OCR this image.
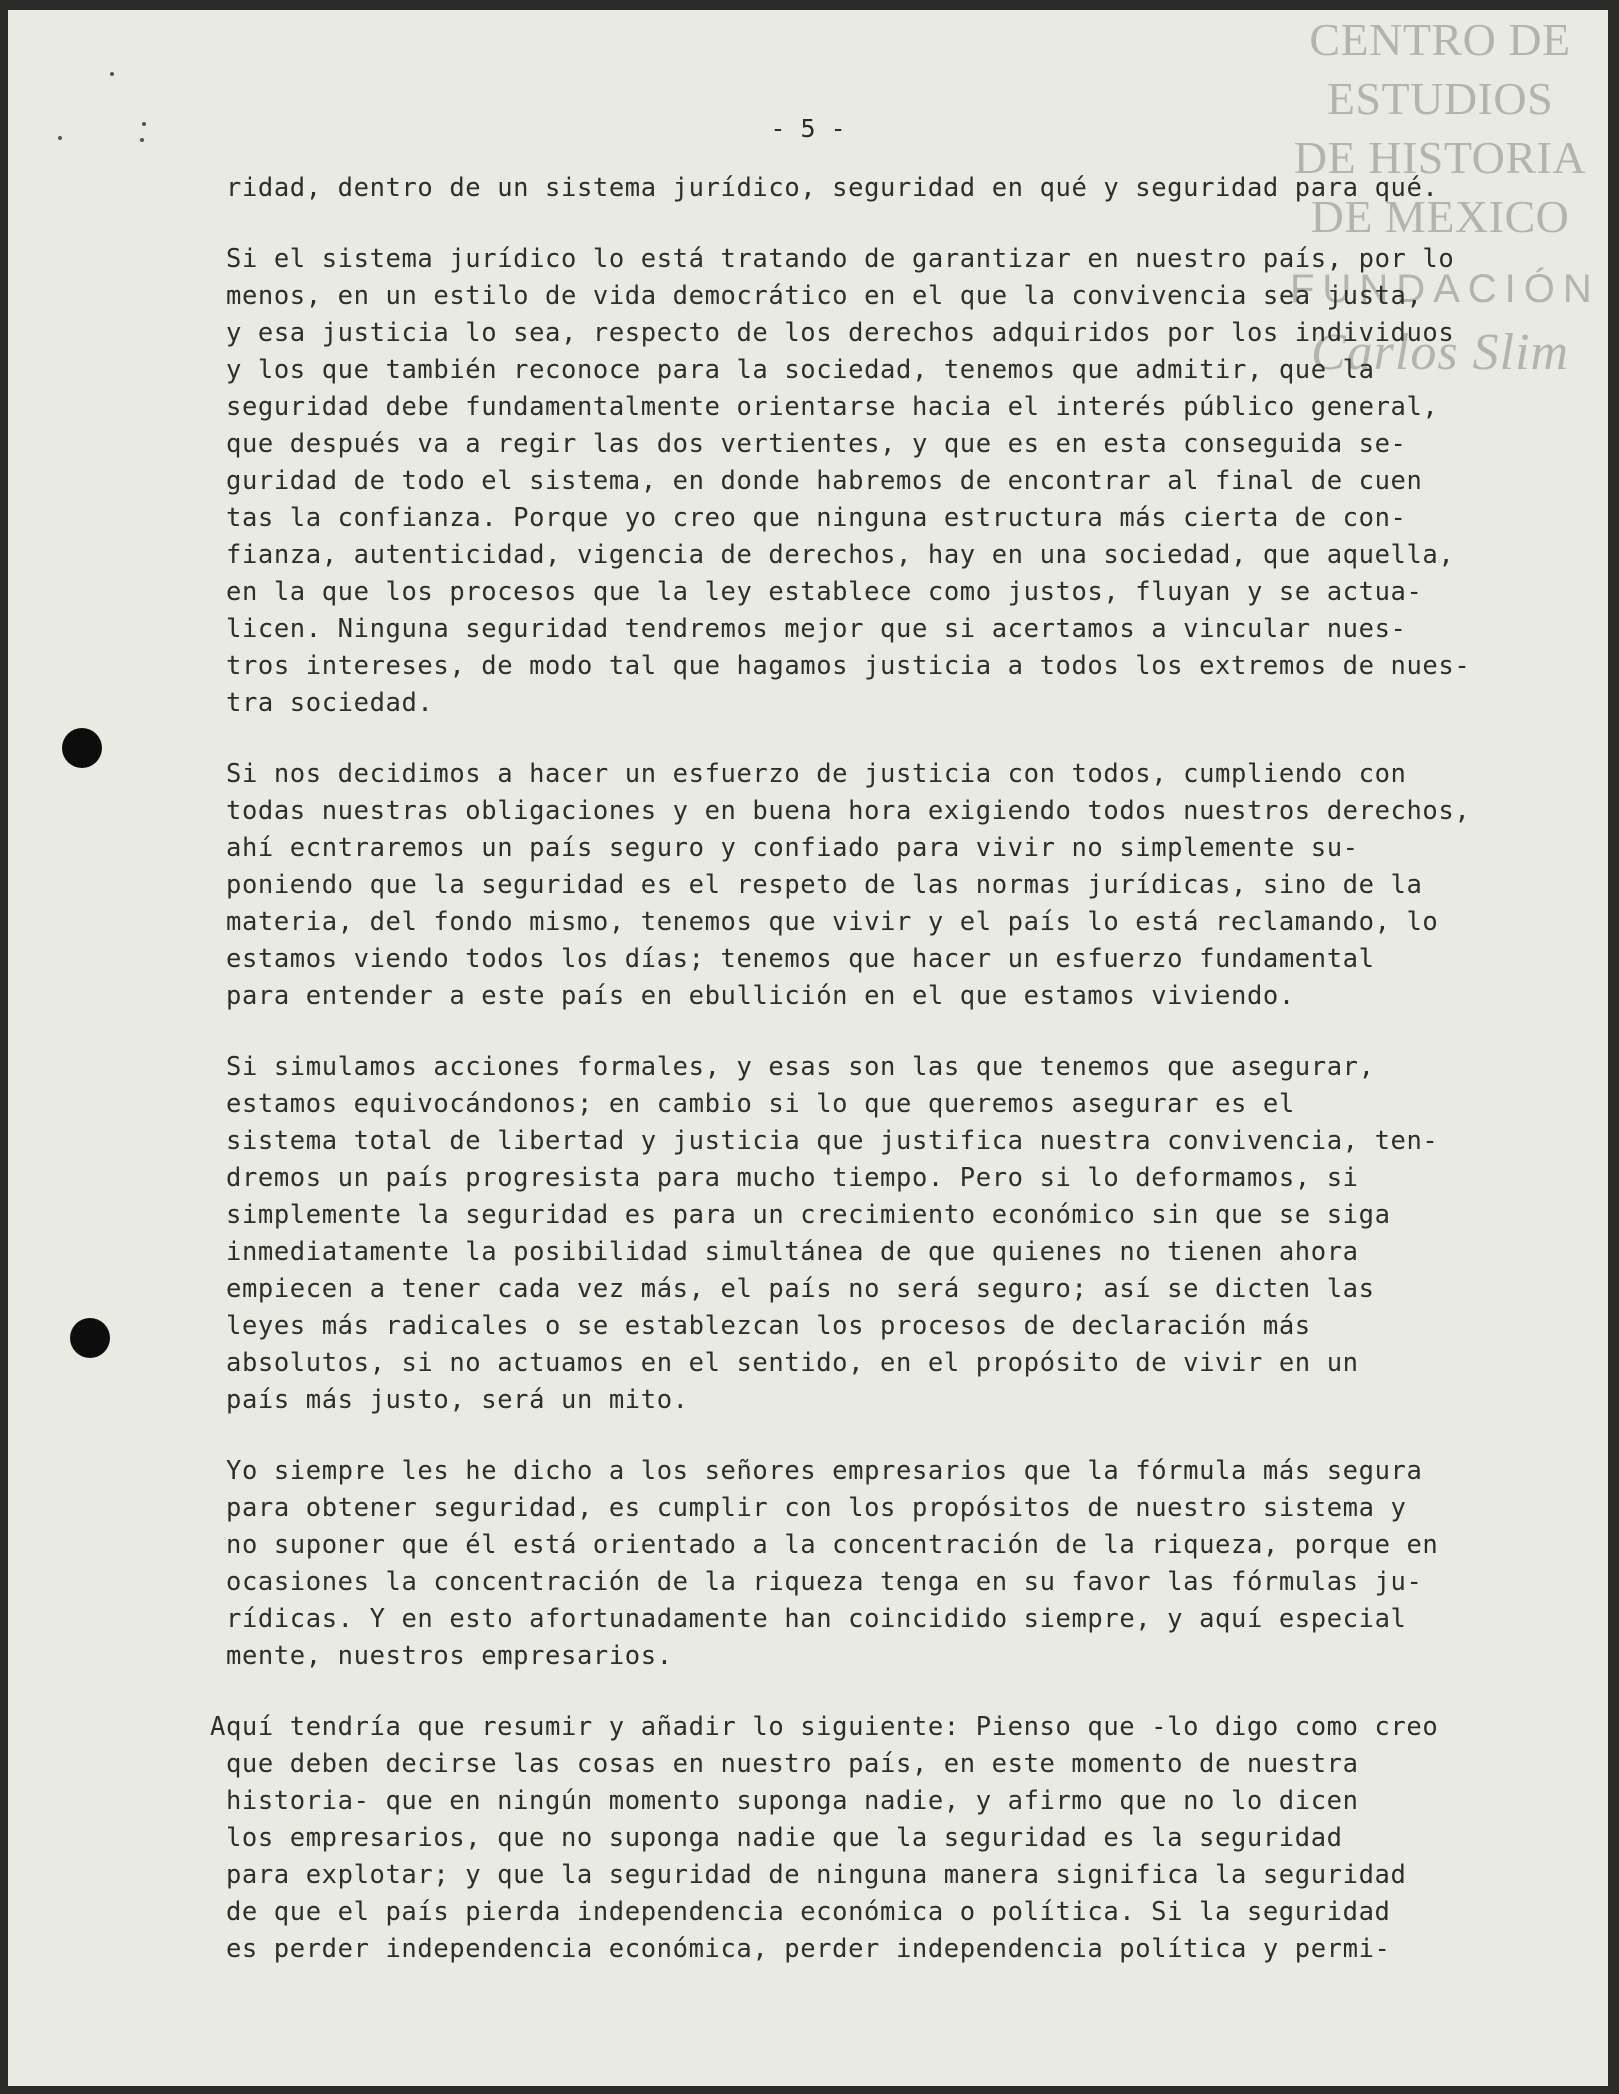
CENTRO DE
ESTUDIOS
DE HISTORIA
DE MEXICO
FUNDACIÓN
Carlos Slim
- 5 -

ridad, dentro de un sistema jurídico, seguridad en qué y seguridad para qué.

Si el sistema jurídico lo está tratando de garantizar en nuestro país, por lo
menos, en un estilo de vida democrático en el que la convivencia sea justa,
y esa justicia lo sea, respecto de los derechos adquiridos por los individuos
y los que también reconoce para la sociedad, tenemos que admitir, que la
seguridad debe fundamentalmente orientarse hacia el interés público general,
que después va a regir las dos vertientes, y que es en esta conseguida se-
guridad de todo el sistema, en donde habremos de encontrar al final de cuen
tas la confianza. Porque yo creo que ninguna estructura más cierta de con-
fianza, autenticidad, vigencia de derechos, hay en una sociedad, que aquella,
en la que los procesos que la ley establece como justos, fluyan y se actua-
licen. Ninguna seguridad tendremos mejor que si acertamos a vincular nues-
tros intereses, de modo tal que hagamos justicia a todos los extremos de nues-
tra sociedad.

Si nos decidimos a hacer un esfuerzo de justicia con todos, cumpliendo con
todas nuestras obligaciones y en buena hora exigiendo todos nuestros derechos,
ahí ecntraremos un país seguro y confiado para vivir no simplemente su-
poniendo que la seguridad es el respeto de las normas jurídicas, sino de la
materia, del fondo mismo, tenemos que vivir y el país lo está reclamando, lo
estamos viendo todos los días; tenemos que hacer un esfuerzo fundamental
para entender a este país en ebullición en el que estamos viviendo.

Si simulamos acciones formales, y esas son las que tenemos que asegurar,
estamos equivocándonos; en cambio si lo que queremos asegurar es el
sistema total de libertad y justicia que justifica nuestra convivencia, ten-
dremos un país progresista para mucho tiempo. Pero si lo deformamos, si
simplemente la seguridad es para un crecimiento económico sin que se siga
inmediatamente la posibilidad simultánea de que quienes no tienen ahora
empiecen a tener cada vez más, el país no será seguro; así se dicten las
leyes más radicales o se establezcan los procesos de declaración más
absolutos, si no actuamos en el sentido, en el propósito de vivir en un
país más justo, será un mito.

Yo siempre les he dicho a los señores empresarios que la fórmula más segura
para obtener seguridad, es cumplir con los propósitos de nuestro sistema y
no suponer que él está orientado a la concentración de la riqueza, porque en
ocasiones la concentración de la riqueza tenga en su favor las fórmulas ju-
rídicas. Y en esto afortunadamente han coincidido siempre, y aquí especial
mente, nuestros empresarios.

Aquí tendría que resumir y añadir lo siguiente: Pienso que -lo digo como creo
que deben decirse las cosas en nuestro país, en este momento de nuestra
historia- que en ningún momento suponga nadie, y afirmo que no lo dicen
los empresarios, que no suponga nadie que la seguridad es la seguridad
para explotar; y que la seguridad de ninguna manera significa la seguridad
de que el país pierda independencia económica o política. Si la seguridad
es perder independencia económica, perder independencia política y permi-
